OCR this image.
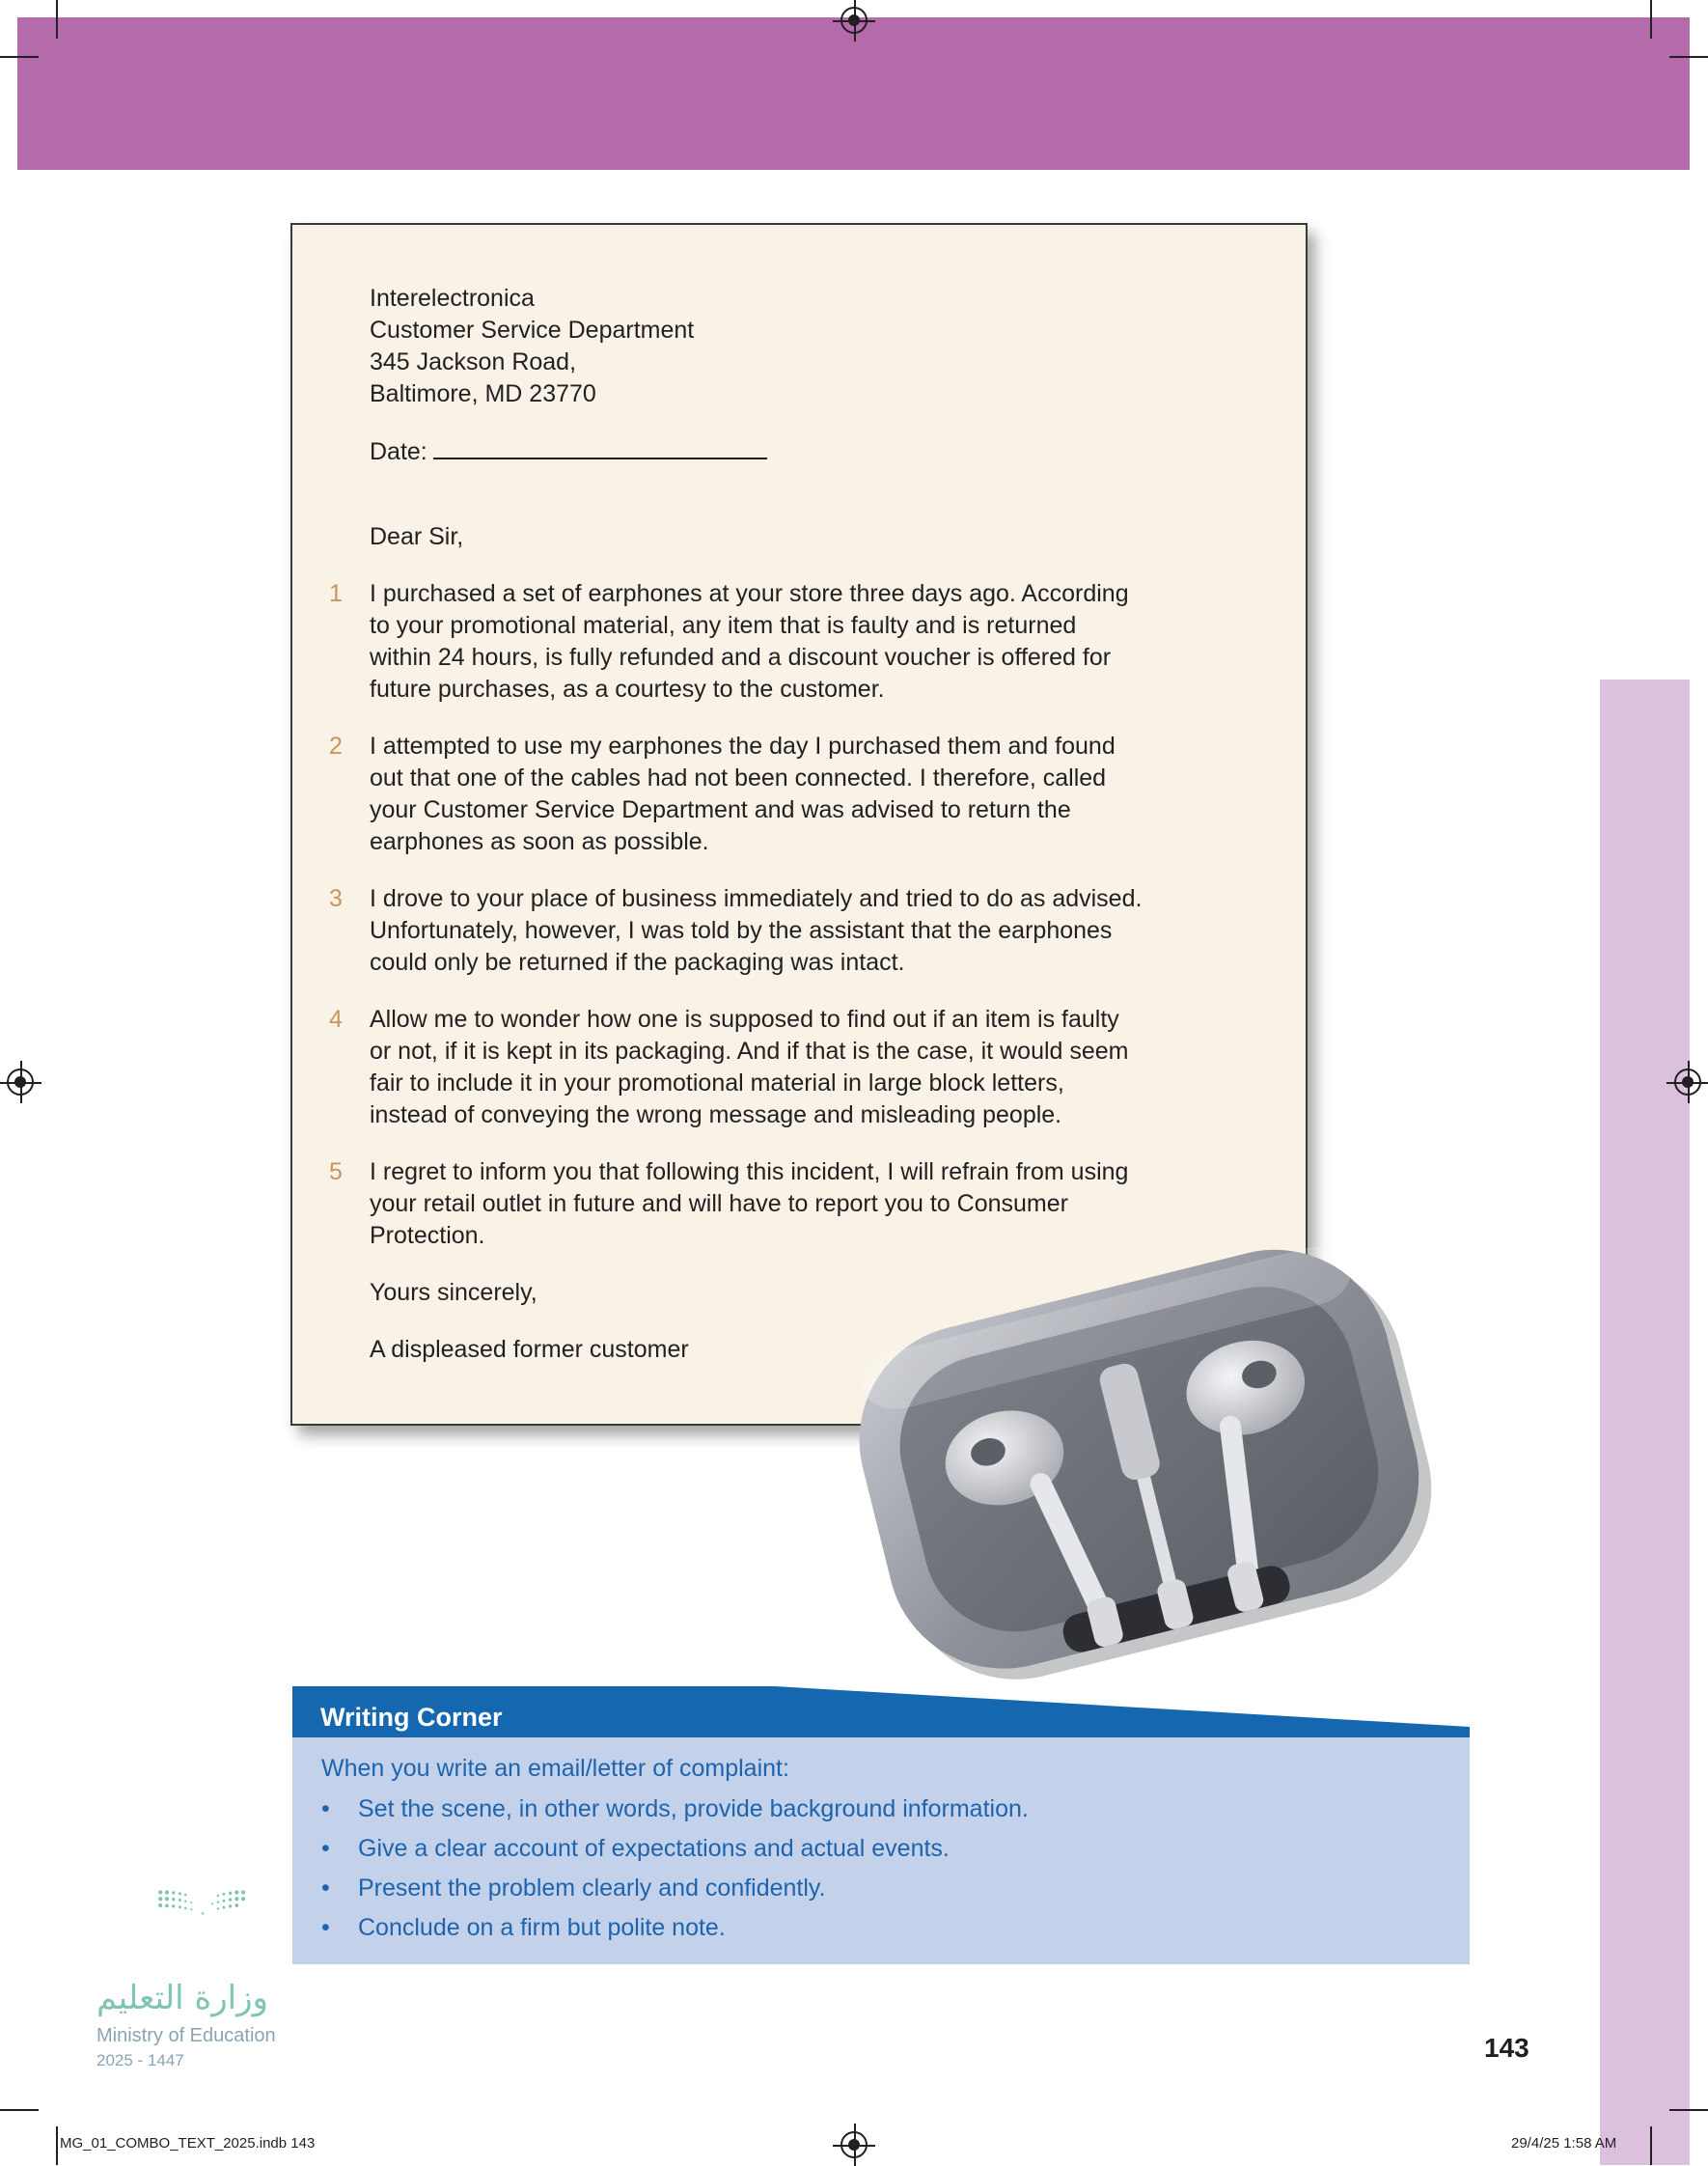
Interelectronica

Customer Service Department

345 Jackson Road,

Baltimore, MD 23770

Date:
Dear Sir,
1 I purchased a set of earphones at your store three days ago. According

to your promotional material, any item that is faulty and is returned

within 24 hours, is fully refunded and a discount voucher is offered for

future purchases, as a courtesy to the customer.

2 I attempted to use my earphones the day I purchased them and found

out that one of the cables had not been connected. I therefore, called

your Customer Service Department and was advised to return the

earphones as soon as possible.

3 I drove to your place of business immediately and tried to do as advised.

Unfortunately, however, I was told by the assistant that the earphones

could only be returned if the packaging was intact.

4 Allow me to wonder how one is supposed to find out if an item is faulty

or not, if it is kept in its packaging. And if that is the case, it would seem

fair to include it in your promotional material in large block letters,

instead of conveying the wrong message and misleading people.

5 I regret to inform you that following this incident, I will refrain from using

your retail outlet in future and will have to report you to Consumer

Protection.

Yours sincerely,
A displeased former customer
Writing Corner
When you write an email/letter of complaint:
• Set the scene, in other words, provide background information.
• Give a clear account of expectations and actual events.
• Present the problem clearly and confidently.
• Conclude on a firm but polite note.
وزارة التعليم
Ministry of Education
2025 - 1447	143
MG_01_COMBO_TEXT_2025.indb 143	29/4/25 1:58 AM
